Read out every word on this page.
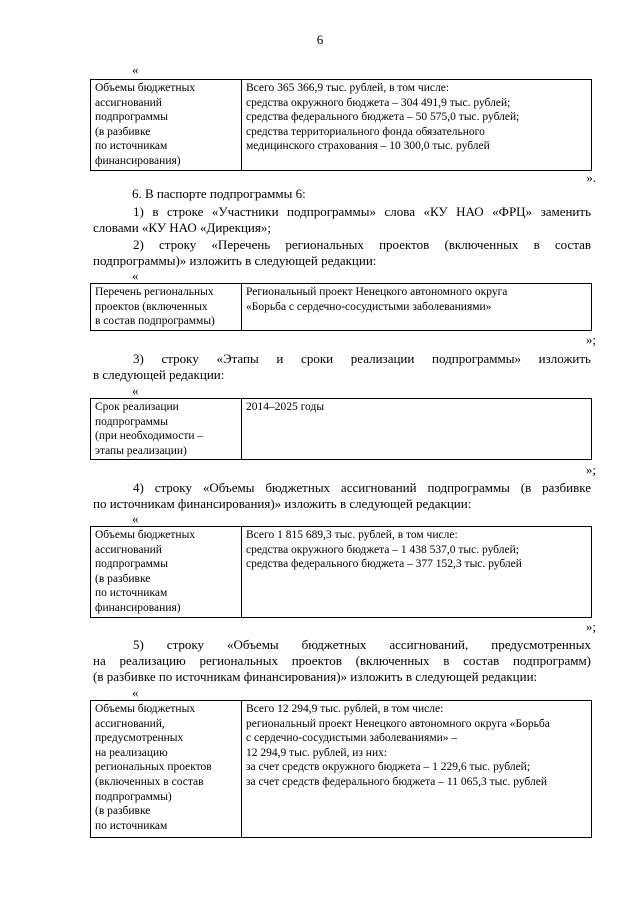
6
«
Объемы бюджетных
ассигнований
подпрограммы
(в разбивке
по источникам
финансирования)

Всего 365 366,9 тыс. рублей, в том числе:
средства окружного бюджета – 304 491,9 тыс. рублей;
средства федерального бюджета – 50 575,0 тыс. рублей;
средства территориального фонда обязательного
медицинского страхования – 10 300,0 тыс. рублей
».
6. В паспорте подпрограммы 6:
1) в строке «Участники подпрограммы» слова «КУ НАО «ФРЦ» заменить
словами «КУ НАО «Дирекция»;
2) строку «Перечень региональных проектов (включенных в состав
подпрограммы)» изложить в следующей редакции:
«
Перечень региональных
проектов (включенных
в состав подпрограммы)

Региональный проект Ненецкого автономного округа
«Борьба с сердечно-сосудистыми заболеваниями»
»;
3) строку «Этапы и сроки реализации подпрограммы» изложить
в следующей редакции:
«
Срок реализации
подпрограммы
(при необходимости –
этапы реализации)

2014–2025 годы
»;
4) строку «Объемы бюджетных ассигнований подпрограммы (в разбивке
по источникам финансирования)» изложить в следующей редакции:
«
Объемы бюджетных
ассигнований
подпрограммы
(в разбивке
по источникам
финансирования)

Всего 1 815 689,3 тыс. рублей, в том числе:
средства окружного бюджета – 1 438 537,0 тыс. рублей;
средства федерального бюджета – 377 152,3 тыс. рублей
»;
5) строку «Объемы бюджетных ассигнований, предусмотренных
на реализацию региональных проектов (включенных в состав подпрограмм)
(в разбивке по источникам финансирования)» изложить в следующей редакции:
«
Объемы бюджетных
ассигнований,
предусмотренных
на реализацию
региональных проектов
(включенных в состав
подпрограммы)
(в разбивке
по источникам

Всего 12 294,9 тыс. рублей, в том числе:
региональный проект Ненецкого автономного округа «Борьба
с сердечно-сосудистыми заболеваниями» –
12 294,9 тыс. рублей, из них:
за счет средств окружного бюджета – 1 229,6 тыс. рублей;
за счет средств федерального бюджета – 11 065,3 тыс. рублей
